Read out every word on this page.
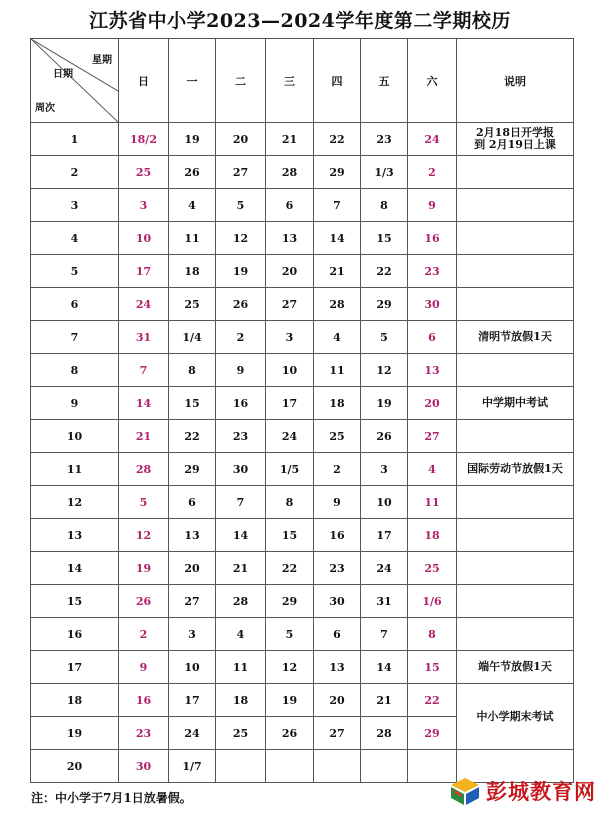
江苏省中小学2023—2024学年度第二学期校历
星期
日期
周次	日	一	二	三	四	五	六	说明
1	18/2	19	20	21	22	23	24	2月18日开学报到 2月19日上课
2	25	26	27	28	29	1/3	2	
3	3	4	5	6	7	8	9	
4	10	11	12	13	14	15	16	
5	17	18	19	20	21	22	23	
6	24	25	26	27	28	29	30	
7	31	1/4	2	3	4	5	6	清明节放假1天
8	7	8	9	10	11	12	13	
9	14	15	16	17	18	19	20	中学期中考试
10	21	22	23	24	25	26	27	
11	28	29	30	1/5	2	3	4	国际劳动节放假1天
12	5	6	7	8	9	10	11	
13	12	13	14	15	16	17	18	
14	19	20	21	22	23	24	25	
15	26	27	28	29	30	31	1/6	
16	2	3	4	5	6	7	8	
17	9	10	11	12	13	14	15	端午节放假1天
18	16	17	18	19	20	21	22	中小学期末考试
19	23	24	25	26	27	28	29	
20	30	1/7						
注：中小学于7月1日放暑假。	彭城教育网
